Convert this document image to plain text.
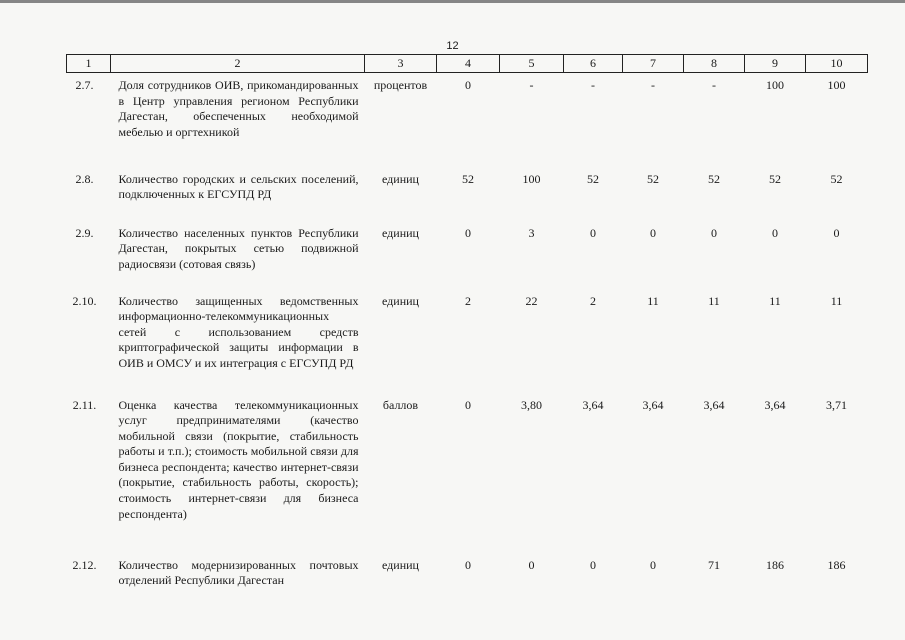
12
1	2	3	4	5	6	7	8	9	10
2.7.	Доля сотрудников ОИВ, прикомандированных в Центр управления регионом Республики Дагестан, обеспеченных необходимой мебелью и оргтехникой	процентов	0	-	-	-	-	100	100
2.8.	Количество городских и сельских поселений, подключенных к ЕГСУПД РД	единиц	52	100	52	52	52	52	52
2.9.	Количество населенных пунктов Республики Дагестан, покрытых сетью подвижной радиосвязи (сотовая связь)	единиц	0	3	0	0	0	0	0
2.10.	Количество защищенных ведомственных информационно-телекоммуникационных сетей с использованием средств криптографической защиты информации в ОИВ и ОМСУ и их интеграция с ЕГСУПД РД	единиц	2	22	2	11	11	11	11
2.11.	Оценка качества телекоммуникационных услуг предпринимателями (качество мобильной связи (покрытие, стабильность работы и т.п.); стоимость мобильной связи для бизнеса респондента; качество интернет-связи (покрытие, стабильность работы, скорость); стоимость интернет-связи для бизнеса респондента)	баллов	0	3,80	3,64	3,64	3,64	3,64	3,71
2.12.	Количество модернизированных почтовых отделений Республики Дагестан	единиц	0	0	0	0	71	186	186
